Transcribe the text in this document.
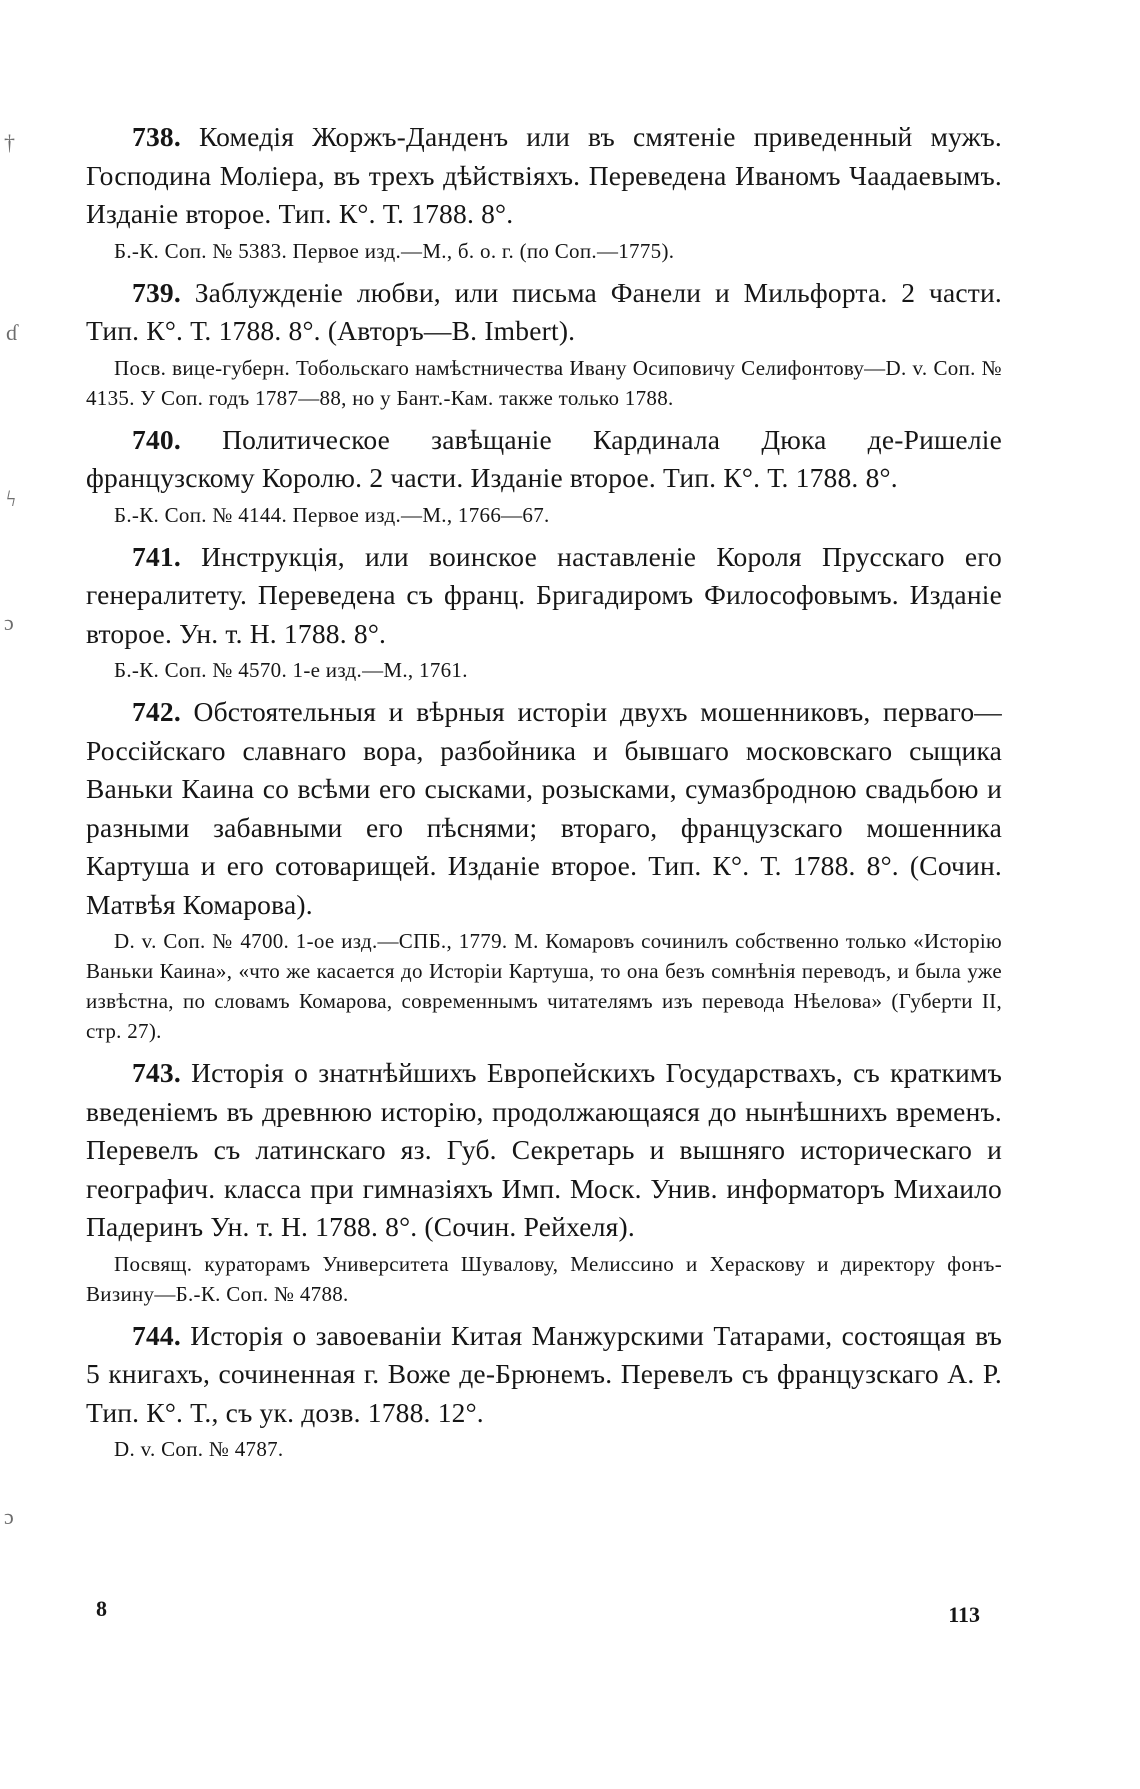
†
ɗ
ϟ
ɔ
ɔ

738. Комедія Жоржъ-Данденъ или въ смятеніе приведенный мужъ. Господина Моліера, въ трехъ дѣйствіяхъ. Переведена Иваномъ Чаадаевымъ. Изданіе второе. Тип. К°. Т. 1788. 8°.

Б.-К. Соп. № 5383. Первое изд.—М., б. о. г. (по Соп.—1775).

739. Заблужденіе любви, или письма Фанели и Мильфорта. 2 части. Тип. К°. Т. 1788. 8°. (Авторъ—В. Imbert).

Посв. вице-губерн. Тобольскаго намѣстничества Ивану Осиповичу Селифонтову—D. v. Соп. № 4135. У Соп. годъ 1787—88, но у Бант.-Кам. также только 1788.

740. Политическое завѣщаніе Кардинала Дюка де-Ришеліе французскому Королю. 2 части. Изданіе второе. Тип. К°. Т. 1788. 8°.

Б.-К. Соп. № 4144. Первое изд.—М., 1766—67.

741. Инструкція, или воинское наставленіе Короля Прусскаго его генералитету. Переведена съ франц. Бригадиромъ Философовымъ. Изданіе второе. Ун. т. Н. 1788. 8°.

Б.-К. Соп. № 4570. 1-е изд.—М., 1761.

742. Обстоятельныя и вѣрныя исторіи двухъ мошенниковъ, перваго—Россійскаго славнаго вора, разбойника и бывшаго московскаго сыщика Ваньки Каина со всѣми его сысками, розысками, сумазбродною свадьбою и разными забавными его пѣснями; втораго, французскаго мошенника Картуша и его сотоварищей. Изданіе второе. Тип. К°. Т. 1788. 8°. (Сочин. Матвѣя Комарова).

D. v. Соп. № 4700. 1-ое изд.—СПБ., 1779. М. Комаровъ сочинилъ собственно только «Исторію Ваньки Каина», «что же касается до Исторіи Картуша, то она безъ сомнѣнія переводъ, и была уже извѣстна, по словамъ Комарова, современнымъ читателямъ изъ перевода Нѣелова» (Губерти II, стр. 27).

743. Исторія о знатнѣйшихъ Европейскихъ Государствахъ, съ краткимъ введеніемъ въ древнюю исторію, продолжающаяся до нынѣшнихъ временъ. Перевелъ съ латинскаго яз. Губ. Секретарь и вышняго историческаго и географич. класса при гимназіяхъ Имп. Моск. Унив. информаторъ Михаило Падеринъ Ун. т. Н. 1788. 8°. (Сочин. Рейхеля).

Посвящ. кураторамъ Университета Шувалову, Мелиссино и Хераскову и директору фонъ-Визину—Б.-К. Соп. № 4788.

744. Исторія о завоеваніи Китая Манжурскими Татарами, состоящая въ 5 книгахъ, сочиненная г. Воже де-Брюнемъ. Перевелъ съ французскаго А. Р. Тип. К°. Т., съ ук. дозв. 1788. 12°.

D. v. Соп. № 4787.

8	113
